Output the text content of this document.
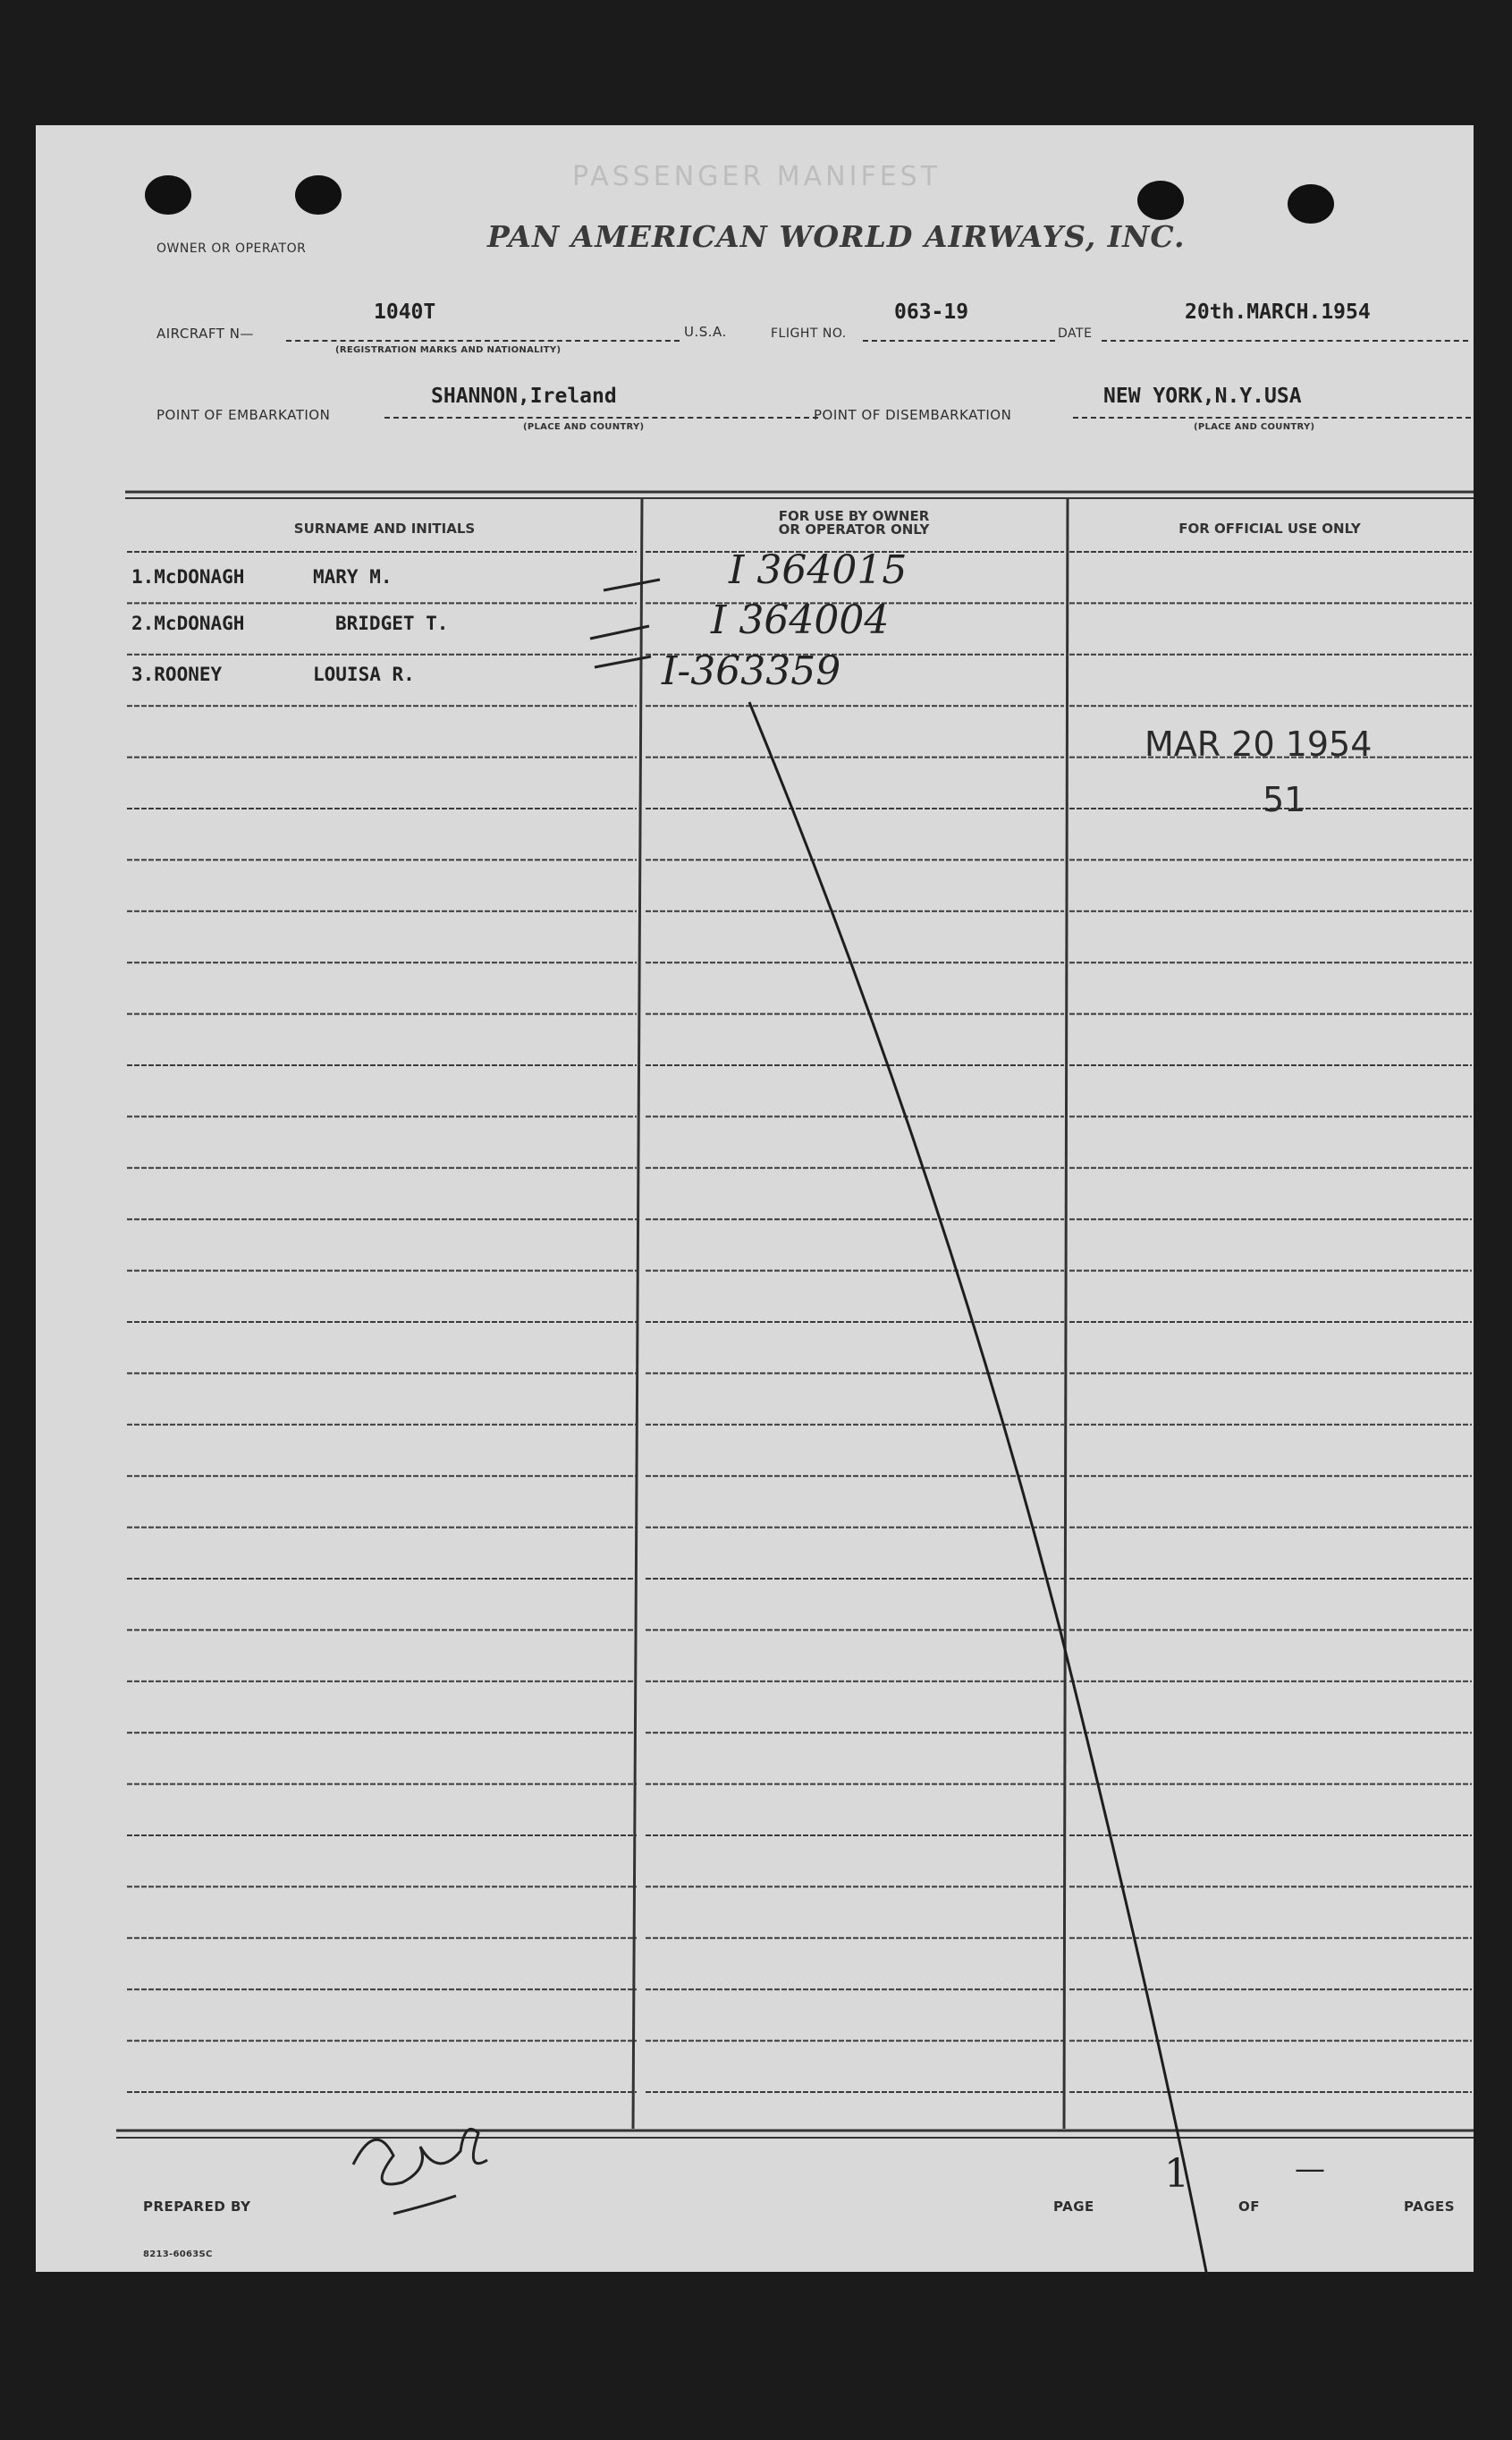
PASSENGER MANIFEST
OWNER OR OPERATOR	PAN AMERICAN WORLD AIRWAYS, INC.
AIRCRAFT N—
1040T
(REGISTRATION MARKS AND NATIONALITY)
U.S.A.	FLIGHT NO.
063-19
DATE
20th.MARCH.1954
POINT OF EMBARKATION
SHANNON,Ireland
(PLACE AND COUNTRY)
POINT OF DISEMBARKATION
NEW YORK,N.Y.USA
(PLACE AND COUNTRY)
SURNAME AND INITIALS
FOR USE BY OWNER
OR OPERATOR ONLY	FOR OFFICIAL USE ONLY
1.McDONAGH	MARY M.	I 364015
2.McDONAGH	BRIDGET T.	I 364004
3.ROONEY	LOUISA R.	I-363359
MAR 20 1954
51
PREPARED BY	PAGE
1
OF
—
PAGES
8213-6063SC
